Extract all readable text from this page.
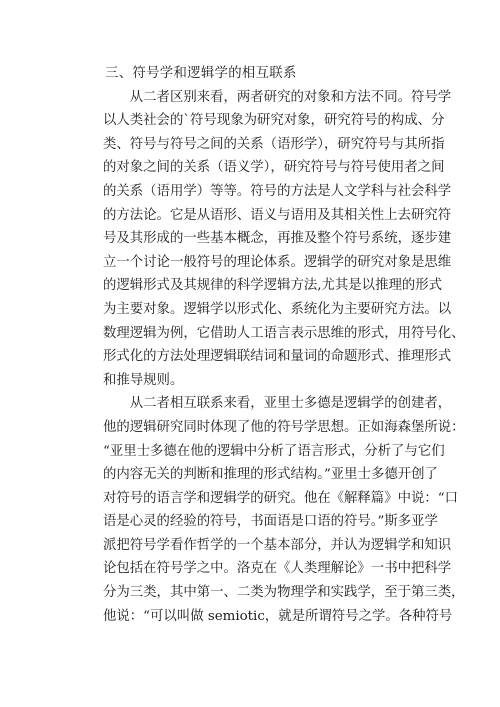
三、符号学和逻辑学的相互联系
　　从二者区别来看，两者研究的对象和方法不同。符号学
以人类社会的`符号现象为研究对象，研究符号的构成、分
类、符号与符号之间的关系（语形学），研究符号与其所指
的对象之间的关系（语义学），研究符号与符号使用者之间
的关系（语用学）等等。符号的方法是人文学科与社会科学
的方法论。它是从语形、语义与语用及其相关性上去研究符
号及其形成的一些基本概念，再推及整个符号系统，逐步建
立一个讨论一般符号的理论体系。逻辑学的研究对象是思维
的逻辑形式及其规律的科学逻辑方法,尤其是以推理的形式
为主要对象。逻辑学以形式化、系统化为主要研究方法。以
数理逻辑为例，它借助人工语言表示思维的形式，用符号化、
形式化的方法处理逻辑联结词和量词的命题形式、推理形式
和推导规则。
　　从二者相互联系来看，亚里士多德是逻辑学的创建者，
他的逻辑研究同时体现了他的符号学思想。正如海森堡所说：
“亚里士多德在他的逻辑中分析了语言形式，分析了与它们
的内容无关的判断和推理的形式结构。”亚里士多德开创了
对符号的语言学和逻辑学的研究。他在《解释篇》中说：“口
语是心灵的经验的符号，书面语是口语的符号。”斯多亚学
派把符号学看作哲学的一个基本部分，并认为逻辑学和知识
论包括在符号学之中。洛克在《人类理解论》一书中把科学
分为三类，其中第一、二类为物理学和实践学，至于第三类，
他说：“可以叫做 semiotic，就是所谓符号之学。各种符号
